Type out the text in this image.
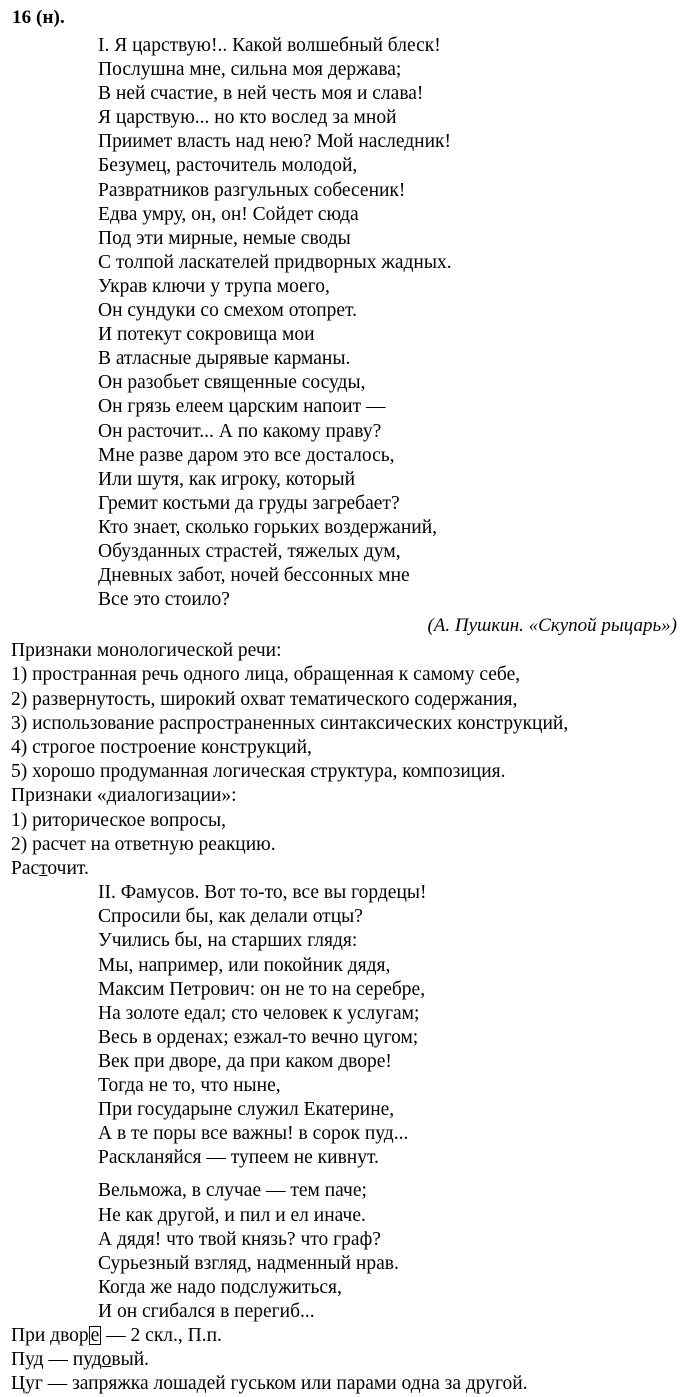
16 (н).
I. Я царствую!.. Какой волшебный блеск!
Послушна мне, сильна моя держава;
В ней счастие, в ней честь моя и слава!
Я царствую... но кто вослед за мной
Приимет власть над нею? Мой наследник!
Безумец, расточитель молодой,
Развратников разгульных собесеник!
Едва умру, он, он! Сойдет сюда
Под эти мирные, немые своды
С толпой ласкателей придворных жадных.
Украв ключи у трупа моего,
Он сундуки со смехом отопрет.
И потекут сокровища мои
В атласные дырявые карманы.
Он разобьет священные сосуды,
Он грязь елеем царским напоит —
Он расточит... А по какому праву?
Мне разве даром это все досталось,
Или шутя, как игроку, который
Гремит костьми да груды загребает?
Кто знает, сколько горьких воздержаний,
Обузданных страстей, тяжелых дум,
Дневных забот, ночей бессонных мне
Все это стоило?
(А. Пушкин. «Скупой рыцарь»)
Признаки монологической речи:
1) пространная речь одного лица, обращенная к самому себе,
2) развернутость, широкий охват тематического содержания,
3) использование распространенных синтаксических конструкций,
4) строгое построение конструкций,
5) хорошо продуманная логическая структура, композиция.
Признаки «диалогизации»:
1) риторическое вопросы,
2) расчет на ответную реакцию.
Расточит.
II. Фамусов. Вот то-то, все вы гордецы!
Спросили бы, как делали отцы?
Учились бы, на старших глядя:
Мы, например, или покойник дядя,
Максим Петрович: он не то на серебре,
На золоте едал; сто человек к услугам;
Весь в орденах; езжал-то вечно цугом;
Век при дворе, да при каком дворе!
Тогда не то, что ныне,
При государыне служил Екатерине,
А в те поры все важны! в сорок пуд...
Раскланяйся — тупеем не кивнут.
Вельможа, в случае — тем паче;
Не как другой, и пил и ел иначе.
А дядя! что твой князь? что граф?
Сурьезный взгляд, надменный нрав.
Когда же надо подслужиться,
И он сгибался в перегиб...
При двор е — 2 скл., П.п.
Пуд — пудовый.
Цуг — запряжка лошадей гуськом или парами одна за другой.
